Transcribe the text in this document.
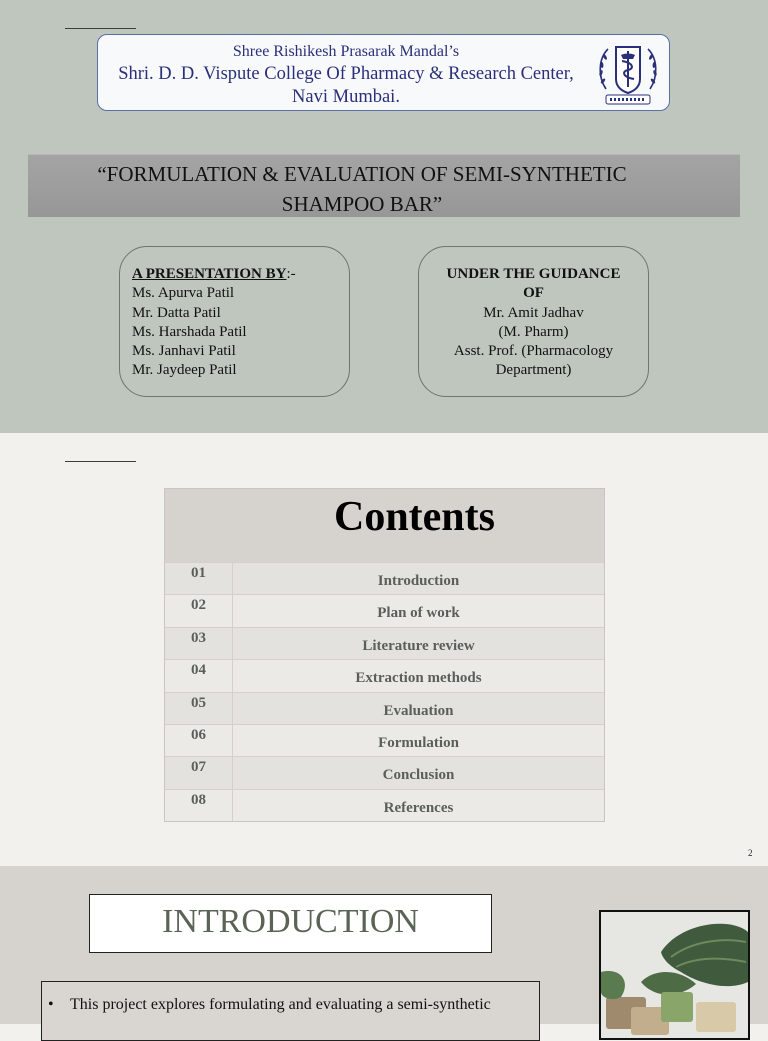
Shree Rishikesh Prasarak Mandal’s
Shri. D. D. Vispute College Of Pharmacy & Research Center,
Navi Mumbai.
“FORMULATION & EVALUATION OF SEMI-SYNTHETIC
SHAMPOO BAR”
A PRESENTATION BY:-
Ms. Apurva Patil
Mr. Datta Patil
Ms. Harshada Patil
Ms. Janhavi Patil
Mr. Jaydeep Patil
UNDER THE GUIDANCE
OF
Mr. Amit Jadhav
(M. Pharm)
Asst. Prof. (Pharmacology
Department)
Contents
01	Introduction
02	Plan of work
03	Literature review
04	Extraction methods
05	Evaluation
06	Formulation
07	Conclusion
08	References
2
INTRODUCTION
• This project explores formulating and evaluating a semi-synthetic
